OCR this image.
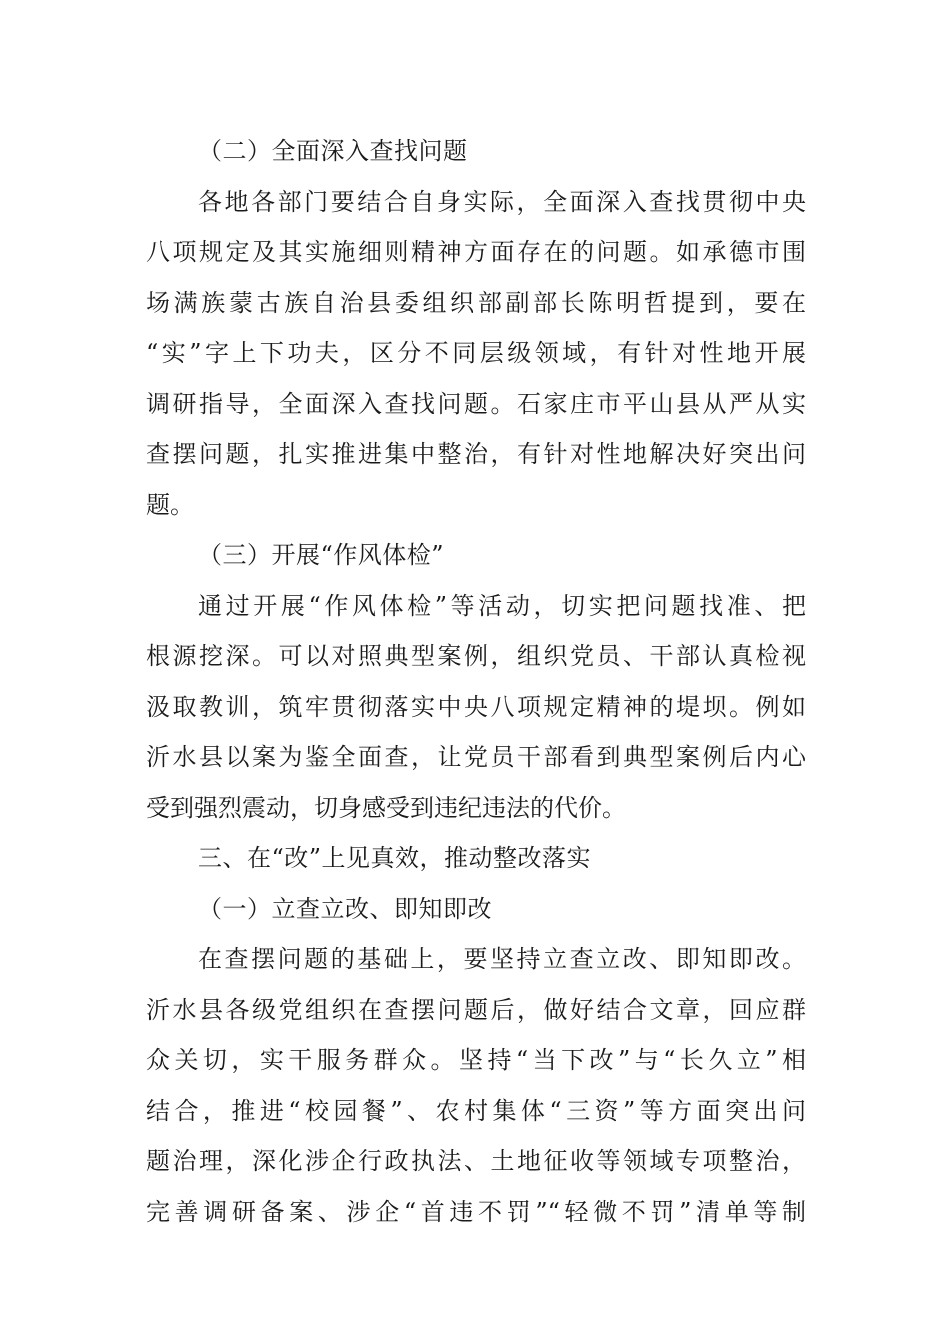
（二）全面深入查找问题
各地各部门要结合自身实际，全面深入查找贯彻中央
八项规定及其实施细则精神方面存在的问题。如承德市围
场满族蒙古族自治县委组织部副部长陈明哲提到，要在
“实”字上下功夫，区分不同层级领域，有针对性地开展
调研指导，全面深入查找问题。石家庄市平山县从严从实
查摆问题，扎实推进集中整治，有针对性地解决好突出问
题。
（三）开展“作风体检”
通过开展“作风体检”等活动，切实把问题找准、把
根源挖深。可以对照典型案例，组织党员、干部认真检视
汲取教训，筑牢贯彻落实中央八项规定精神的堤坝。例如
沂水县以案为鉴全面查，让党员干部看到典型案例后内心
受到强烈震动，切身感受到违纪违法的代价。
三、在“改”上见真效，推动整改落实
（一）立查立改、即知即改
在查摆问题的基础上，要坚持立查立改、即知即改。
沂水县各级党组织在查摆问题后，做好结合文章，回应群
众关切，实干服务群众。坚持“当下改”与“长久立”相
结合，推进“校园餐”、农村集体“三资”等方面突出问
题治理，深化涉企行政执法、土地征收等领域专项整治，
完善调研备案、涉企“首违不罚”“轻微不罚”清单等制
